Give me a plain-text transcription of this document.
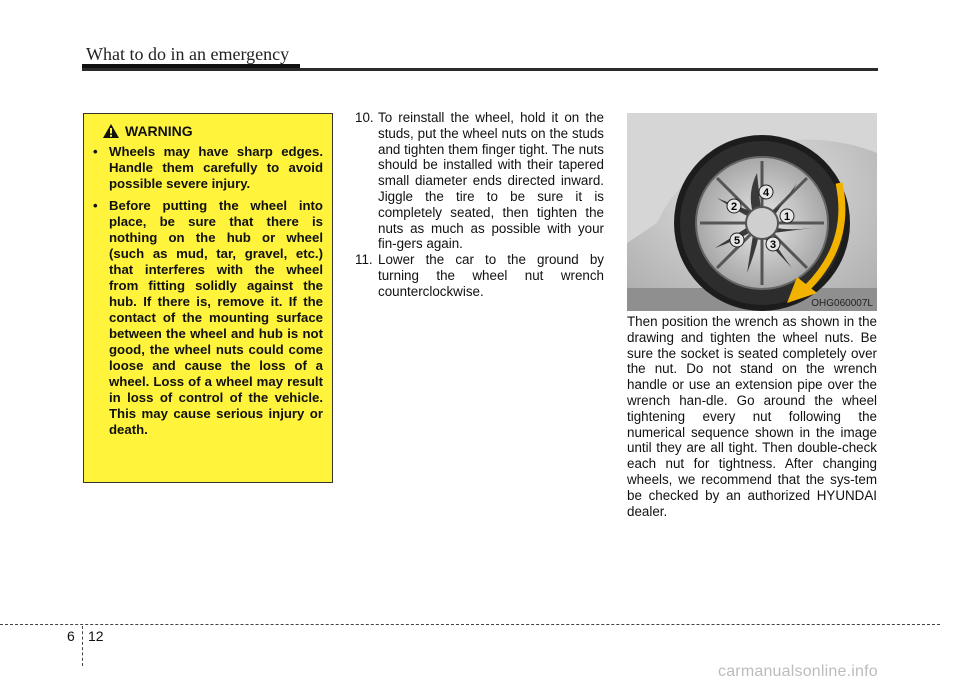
What to do in an emergency
WARNING
• Wheels may have sharp edges. Handle them carefully to avoid possible severe injury.
• Before putting the wheel into place, be sure that there is nothing on the hub or wheel (such as mud, tar, gravel, etc.) that interferes with the wheel from fitting solidly against the hub. If there is, remove it. If the contact of the mounting surface between the wheel and hub is not good, the wheel nuts could come loose and cause the loss of a wheel. Loss of a wheel may result in loss of control of the vehicle. This may cause serious injury or death.
10. To reinstall the wheel, hold it on the studs, put the wheel nuts on the studs and tighten them finger tight. The nuts should be installed with their tapered small diameter ends directed inward. Jiggle the tire to be sure it is completely seated, then tighten the nuts as much as possible with your fin-gers again.
11. Lower the car to the ground by turning the wheel nut wrench counterclockwise.
1
2
3
4
5
OHG060007L
Then position the wrench as shown in the drawing and tighten the wheel nuts. Be sure the socket is seated completely over the nut. Do not stand on the wrench handle or use an extension pipe over the wrench han-dle. Go around the wheel tightening every nut following the numerical sequence shown in the image until they are all tight. Then double-check each nut for tightness. After changing wheels, we recommend that the sys-tem be checked by an authorized HYUNDAI dealer.
6 12
carmanualsonline.info
